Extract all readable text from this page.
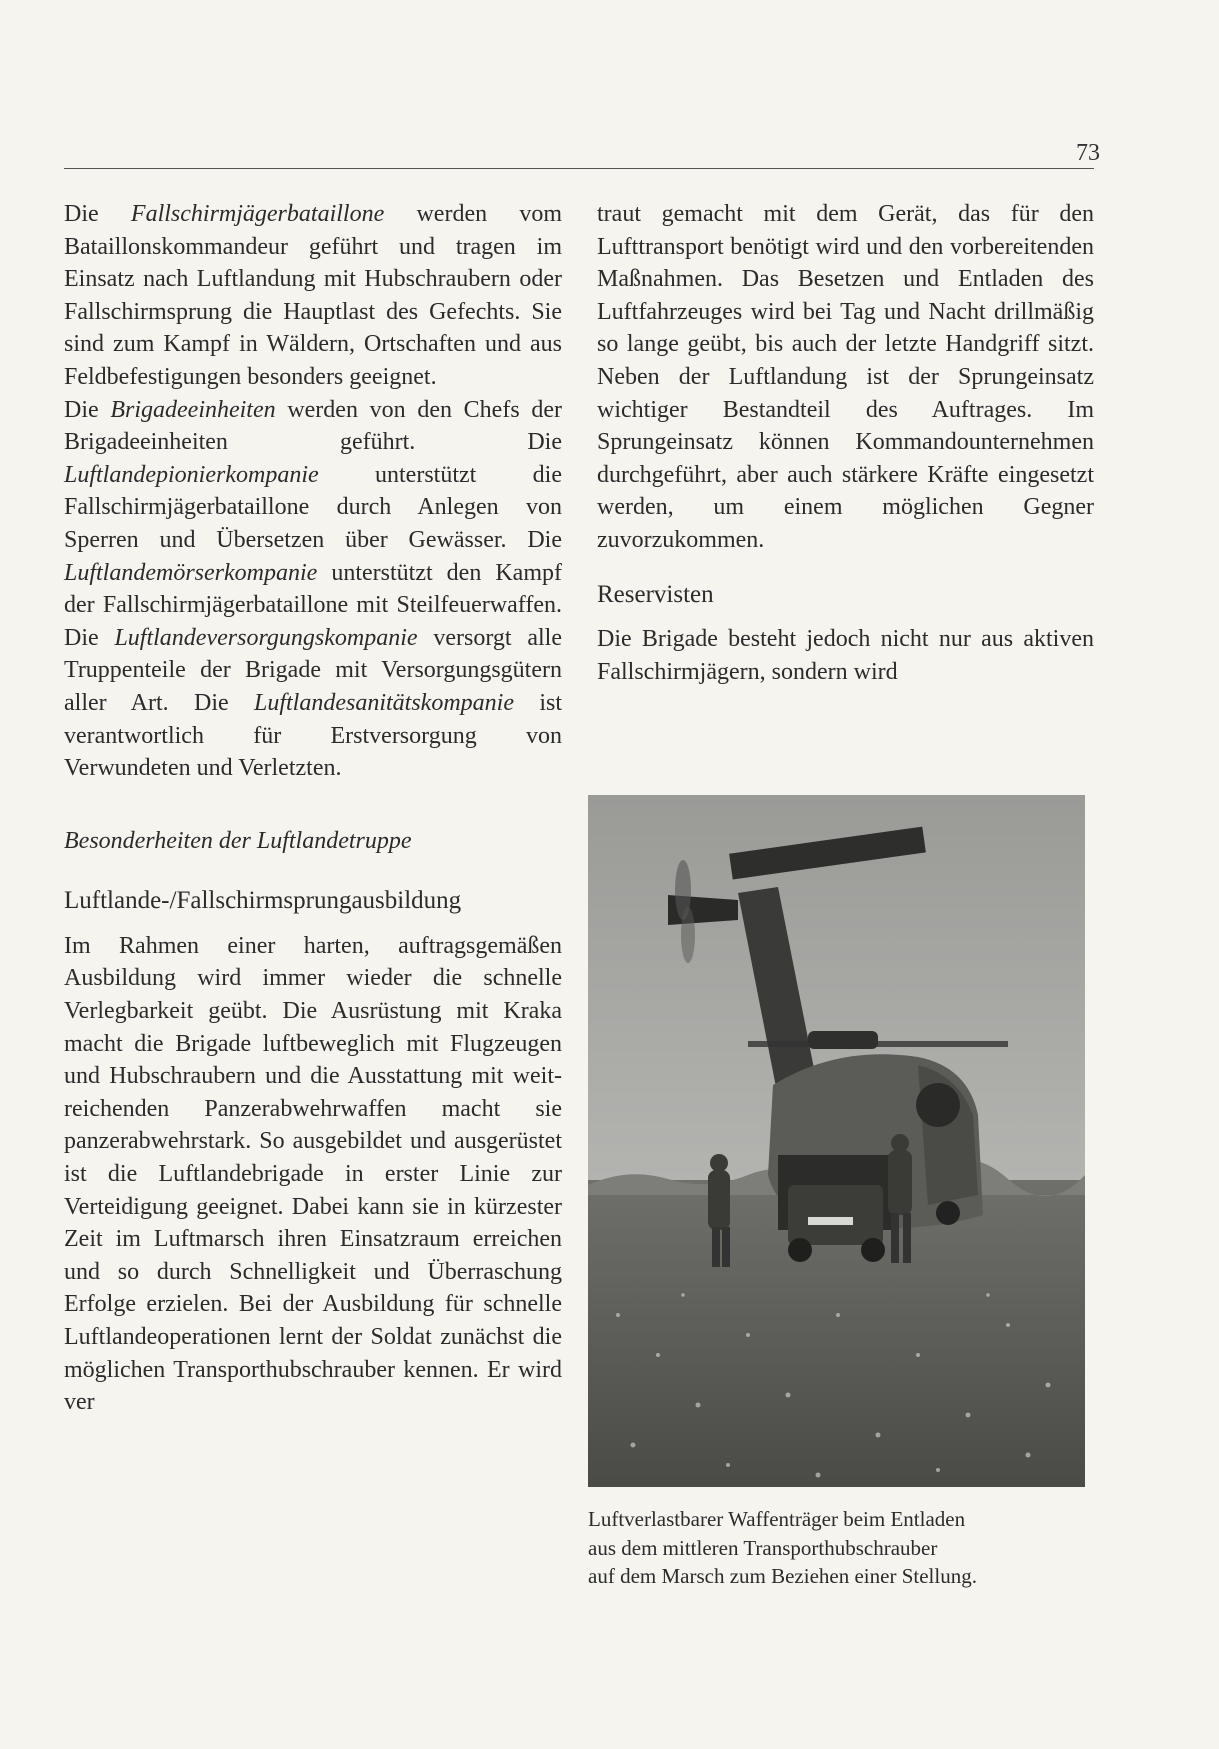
73

Die Fallschirmjägerbataillone werden vom Bataillonskommandeur geführt und tragen im Einsatz nach Luftlandung mit Hubschraubern oder Fallschirmsprung die Hauptlast des Gefechts. Sie sind zum Kampf in Wäldern, Ortschaften und aus Feldbefestigungen besonders geeignet.

Die Brigadeeinheiten werden von den Chefs der Brigadeeinheiten geführt. Die Luftlandepionierkompanie unterstützt die Fallschirmjägerbataillone durch Anlegen von Sperren und Übersetzen über Gewässer. Die Luftlandemörserkompanie unterstützt den Kampf der Fallschirmjägerbataillone mit Steilfeuerwaffen. Die Luftlandeversorgungskompanie versorgt alle Truppenteile der Brigade mit Versorgungsgütern aller Art. Die Luftlandesanitätskompanie ist verantwortlich für Erstversorgung von Verwundeten und Verletzten.

Besonderheiten der Luftlandetruppe

Luftlande-/Fallschirmsprungausbildung

Im Rahmen einer harten, auftragsgemäßen Ausbildung wird immer wieder die schnelle Verlegbarkeit geübt. Die Ausrüstung mit Kraka macht die Brigade luftbeweglich mit Flugzeugen und Hubschraubern und die Ausstattung mit weitreichenden Panzerabwehrwaffen macht sie panzerabwehrstark. So ausgebildet und ausgerüstet ist die Luftlandebrigade in erster Linie zur Verteidigung geeignet. Dabei kann sie in kürzester Zeit im Luftmarsch ihren Einsatzraum erreichen und so durch Schnelligkeit und Überraschung Erfolge erzielen. Bei der Ausbildung für schnelle Luftlandeoperationen lernt der Soldat zunächst die möglichen Transporthubschrauber kennen. Er wird ver

traut gemacht mit dem Gerät, das für den Lufttransport benötigt wird und den vorbereitenden Maßnahmen. Das Besetzen und Entladen des Luftfahrzeuges wird bei Tag und Nacht drillmäßig so lange geübt, bis auch der letzte Handgriff sitzt. Neben der Luftlandung ist der Sprungeinsatz wichtiger Bestandteil des Auftrages. Im Sprungeinsatz können Kommandounternehmen durchgeführt, aber auch stärkere Kräfte eingesetzt werden, um einem möglichen Gegner zuvorzukommen.

Reservisten

Die Brigade besteht jedoch nicht nur aus aktiven Fallschirmjägern, sondern wird

Luftverlastbarer Waffenträger beim Entladen
aus dem mittleren Transporthubschrauber
auf dem Marsch zum Beziehen einer Stellung.
